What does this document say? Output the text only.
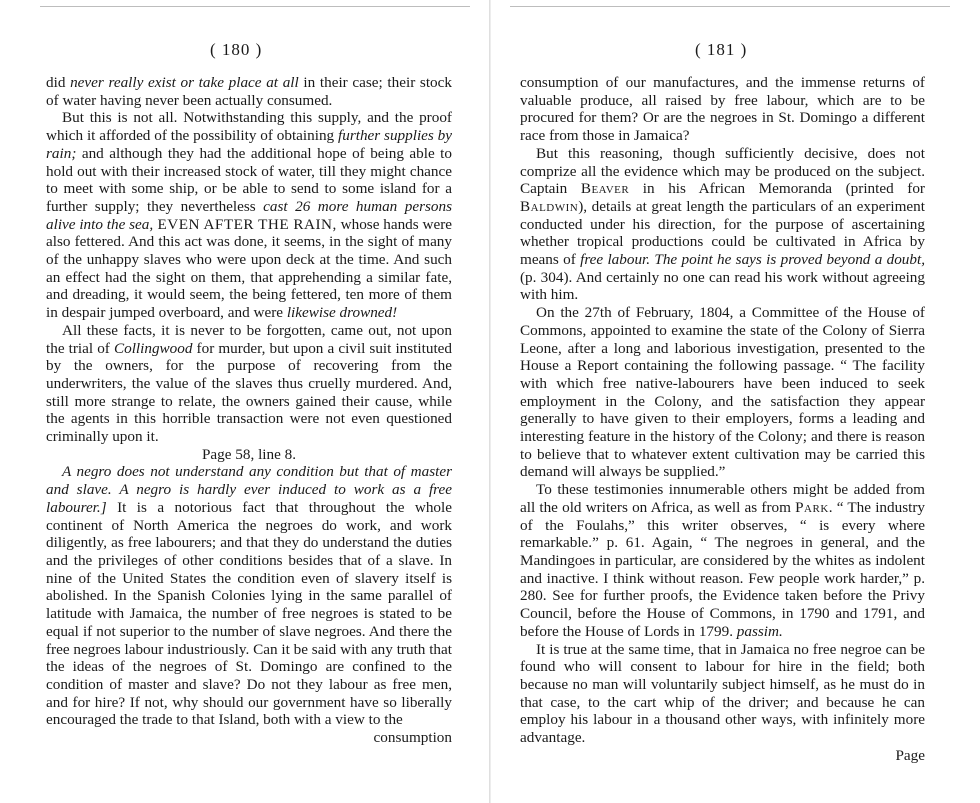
( 180 )

did never really exist or take place at all in their case; their stock of water having never been actually consumed.

But this is not all. Notwithstanding this supply, and the proof which it afforded of the possibility of obtaining further supplies by rain; and although they had the additional hope of being able to hold out with their increased stock of water, till they might chance to meet with some ship, or be able to send to some island for a further supply; they nevertheless cast 26 more human persons alive into the sea, EVEN AFTER THE RAIN, whose hands were also fettered. And this act was done, it seems, in the sight of many of the unhappy slaves who were upon deck at the time. And such an effect had the sight on them, that apprehending a similar fate, and dreading, it would seem, the being fettered, ten more of them in despair jumped overboard, and were likewise drowned!

All these facts, it is never to be forgotten, came out, not upon the trial of Collingwood for murder, but upon a civil suit instituted by the owners, for the purpose of recovering from the underwriters, the value of the slaves thus cruelly murdered. And, still more strange to relate, the owners gained their cause, while the agents in this horrible transaction were not even questioned criminally upon it.

Page 58, line 8.

A negro does not understand any condition but that of master and slave. A negro is hardly ever induced to work as a free labourer.] It is a notorious fact that throughout the whole continent of North America the negroes do work, and work diligently, as free labourers; and that they do understand the duties and the privileges of other conditions besides that of a slave. In nine of the United States the condition even of slavery itself is abolished. In the Spanish Colonies lying in the same parallel of latitude with Jamaica, the number of free negroes is stated to be equal if not superior to the number of slave negroes. And there the free negroes labour industriously. Can it be said with any truth that the ideas of the negroes of St. Domingo are confined to the condition of master and slave? Do not they labour as free men, and for hire? If not, why should our government have so liberally encouraged the trade to that Island, both with a view to the

consumption

( 181 )

consumption of our manufactures, and the immense returns of valuable produce, all raised by free labour, which are to be procured for them? Or are the negroes in St. Domingo a different race from those in Jamaica?

But this reasoning, though sufficiently decisive, does not comprize all the evidence which may be produced on the subject. Captain Beaver in his African Memoranda (printed for Baldwin), details at great length the particulars of an experiment conducted under his direction, for the purpose of ascertaining whether tropical productions could be cultivated in Africa by means of free labour. The point he says is proved beyond a doubt, (p. 304). And certainly no one can read his work without agreeing with him.

On the 27th of February, 1804, a Committee of the House of Commons, appointed to examine the state of the Colony of Sierra Leone, after a long and laborious investigation, presented to the House a Report containing the following passage. “ The facility with which free native-labourers have been induced to seek employment in the Colony, and the satisfaction they appear generally to have given to their employers, forms a leading and interesting feature in the history of the Colony; and there is reason to believe that to whatever extent cultivation may be carried this demand will always be supplied.”

To these testimonies innumerable others might be added from all the old writers on Africa, as well as from Park. “ The industry of the Foulahs,” this writer observes, “ is every where remarkable.” p. 61. Again, “ The negroes in general, and the Mandingoes in particular, are considered by the whites as indolent and inactive. I think without reason. Few people work harder,” p. 280. See for further proofs, the Evidence taken before the Privy Council, before the House of Commons, in 1790 and 1791, and before the House of Lords in 1799. passim.

It is true at the same time, that in Jamaica no free negroe can be found who will consent to labour for hire in the field; both because no man will voluntarily subject himself, as he must do in that case, to the cart whip of the driver; and because he can employ his labour in a thousand other ways, with infinitely more advantage.

Page
